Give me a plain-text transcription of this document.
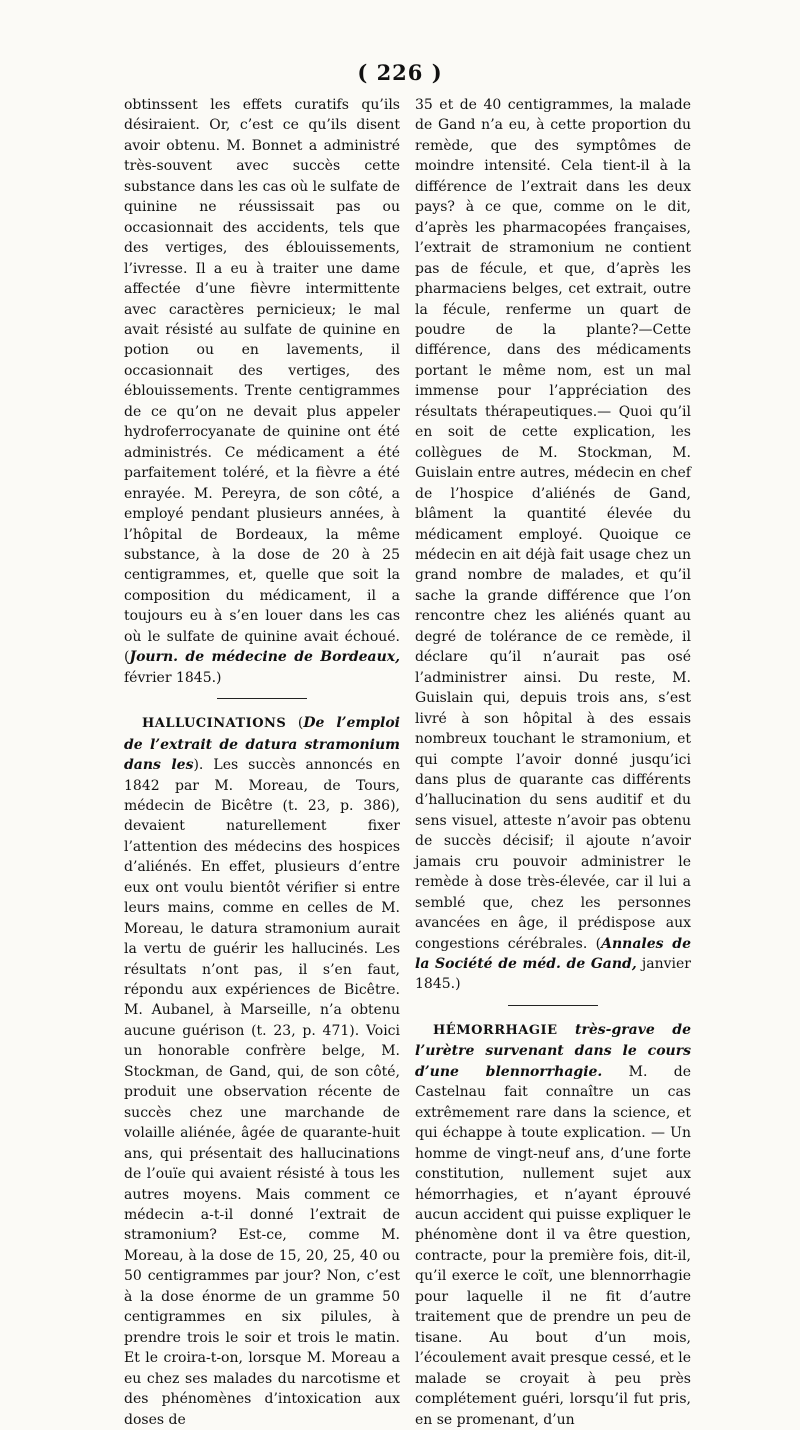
( 226 )

obtinssent les effets curatifs qu’ils désiraient. Or, c’est ce qu’ils disent avoir obtenu. M. Bonnet a administré très-souvent avec succès cette substance dans les cas où le sulfate de quinine ne réussissait pas ou occasionnait des accidents, tels que des vertiges, des éblouissements, l’ivresse. Il a eu à traiter une dame affectée d’une fièvre intermittente avec caractères pernicieux; le mal avait résisté au sulfate de quinine en potion ou en lavements, il occasionnait des vertiges, des éblouissements. Trente centigrammes de ce qu’on ne devait plus appeler hydroferrocyanate de quinine ont été administrés. Ce médicament a été parfaitement toléré, et la fièvre a été enrayée. M. Pereyra, de son côté, a employé pendant plusieurs années, à l’hôpital de Bordeaux, la même substance, à la dose de 20 à 25 centigrammes, et, quelle que soit la composition du médicament, il a toujours eu à s’en louer dans les cas où le sulfate de quinine avait échoué. (Journ. de médecine de Bordeaux, février 1845.)

HALLUCINATIONS (De l’emploi de l’extrait de datura stramonium dans les). Les succès annoncés en 1842 par M. Moreau, de Tours, médecin de Bicêtre (t. 23, p. 386), devaient naturellement fixer l’attention des médecins des hospices d’aliénés. En effet, plusieurs d’entre eux ont voulu bientôt vérifier si entre leurs mains, comme en celles de M. Moreau, le datura stramonium aurait la vertu de guérir les hallucinés. Les résultats n’ont pas, il s’en faut, répondu aux expériences de Bicêtre. M. Aubanel, à Marseille, n’a obtenu aucune guérison (t. 23, p. 471). Voici un honorable confrère belge, M. Stockman, de Gand, qui, de son côté, produit une observation récente de succès chez une marchande de volaille aliénée, âgée de quarante-huit ans, qui présentait des hallucinations de l’ouïe qui avaient résisté à tous les autres moyens. Mais comment ce médecin a-t-il donné l’extrait de stramonium? Est-ce, comme M. Moreau, à la dose de 15, 20, 25, 40 ou 50 centigrammes par jour? Non, c’est à la dose énorme de un gramme 50 centigrammes en six pilules, à prendre trois le soir et trois le matin. Et le croira-t-on, lorsque M. Moreau a eu chez ses malades du narcotisme et des phénomènes d’intoxication aux doses de

35 et de 40 centigrammes, la malade de Gand n’a eu, à cette proportion du remède, que des symptômes de moindre intensité. Cela tient-il à la différence de l’extrait dans les deux pays? à ce que, comme on le dit, d’après les pharmacopées françaises, l’extrait de stramonium ne contient pas de fécule, et que, d’après les pharmaciens belges, cet extrait, outre la fécule, renferme un quart de poudre de la plante?—Cette différence, dans des médicaments portant le même nom, est un mal immense pour l’appréciation des résultats thérapeutiques.— Quoi qu’il en soit de cette explication, les collègues de M. Stockman, M. Guislain entre autres, médecin en chef de l’hospice d’aliénés de Gand, blâment la quantité élevée du médicament employé. Quoique ce médecin en ait déjà fait usage chez un grand nombre de malades, et qu’il sache la grande différence que l’on rencontre chez les aliénés quant au degré de tolérance de ce remède, il déclare qu’il n’aurait pas osé l’administrer ainsi. Du reste, M. Guislain qui, depuis trois ans, s’est livré à son hôpital à des essais nombreux touchant le stramonium, et qui compte l’avoir donné jusqu’ici dans plus de quarante cas différents d’hallucination du sens auditif et du sens visuel, atteste n’avoir pas obtenu de succès décisif; il ajoute n’avoir jamais cru pouvoir administrer le remède à dose très-élevée, car il lui a semblé que, chez les personnes avancées en âge, il prédispose aux congestions cérébrales. (Annales de la Société de méd. de Gand, janvier 1845.)

HÉMORRHAGIE très-grave de l’urètre survenant dans le cours d’une blennorrhagie. M. de Castelnau fait connaître un cas extrêmement rare dans la science, et qui échappe à toute explication. — Un homme de vingt-neuf ans, d’une forte constitution, nullement sujet aux hémorrhagies, et n’ayant éprouvé aucun accident qui puisse expliquer le phénomène dont il va être question, contracte, pour la première fois, dit-il, qu’il exerce le coït, une blennorrhagie pour laquelle il ne fit d’autre traitement que de prendre un peu de tisane. Au bout d’un mois, l’écoulement avait presque cessé, et le malade se croyait à peu près complétement guéri, lorsqu’il fut pris, en se promenant, d’un
